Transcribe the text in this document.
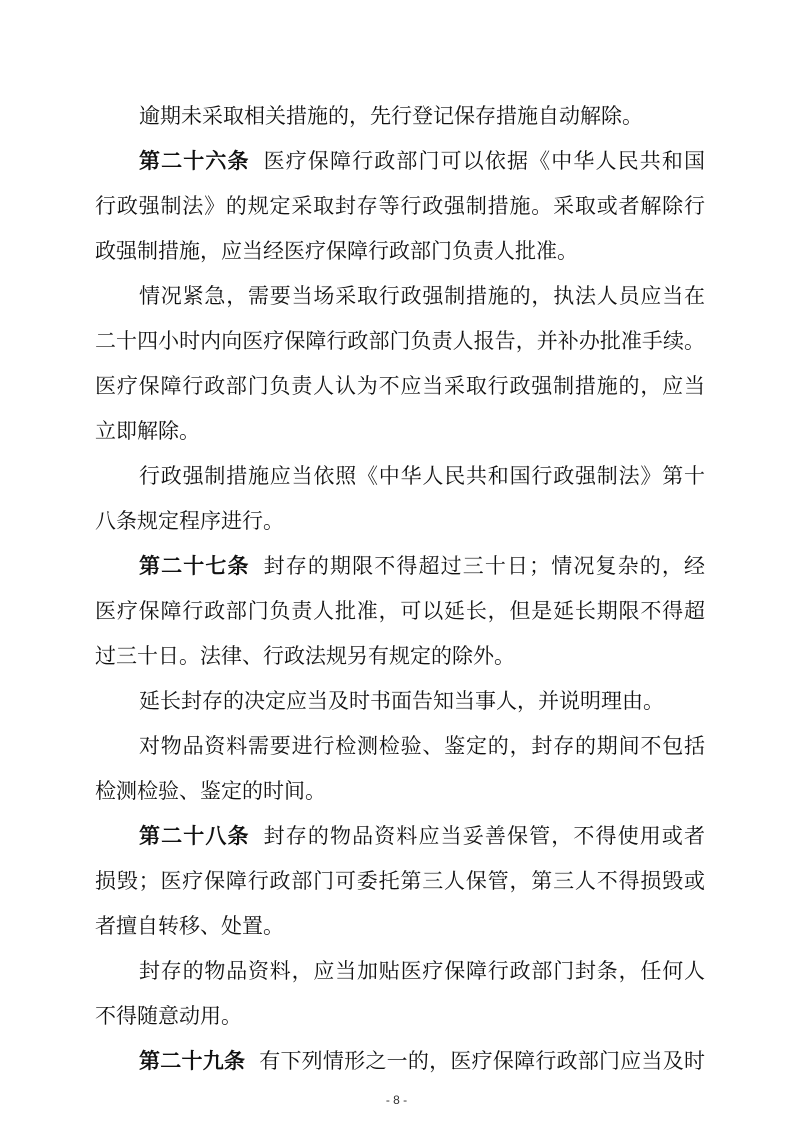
逾期未采取相关措施的，先行登记保存措施自动解除。
第二十六条 医疗保障行政部门可以依据《中华人民共和国
行政强制法》的规定采取封存等行政强制措施。采取或者解除行
政强制措施，应当经医疗保障行政部门负责人批准。
情况紧急，需要当场采取行政强制措施的，执法人员应当在
二十四小时内向医疗保障行政部门负责人报告，并补办批准手续。
医疗保障行政部门负责人认为不应当采取行政强制措施的，应当
立即解除。
行政强制措施应当依照《中华人民共和国行政强制法》第十
八条规定程序进行。
第二十七条 封存的期限不得超过三十日；情况复杂的，经
医疗保障行政部门负责人批准，可以延长，但是延长期限不得超
过三十日。法律、行政法规另有规定的除外。
延长封存的决定应当及时书面告知当事人，并说明理由。
对物品资料需要进行检测检验、鉴定的，封存的期间不包括
检测检验、鉴定的时间。
第二十八条 封存的物品资料应当妥善保管，不得使用或者
损毁；医疗保障行政部门可委托第三人保管，第三人不得损毁或
者擅自转移、处置。
封存的物品资料，应当加贴医疗保障行政部门封条，任何人
不得随意动用。
第二十九条 有下列情形之一的，医疗保障行政部门应当及时
- 8 -
